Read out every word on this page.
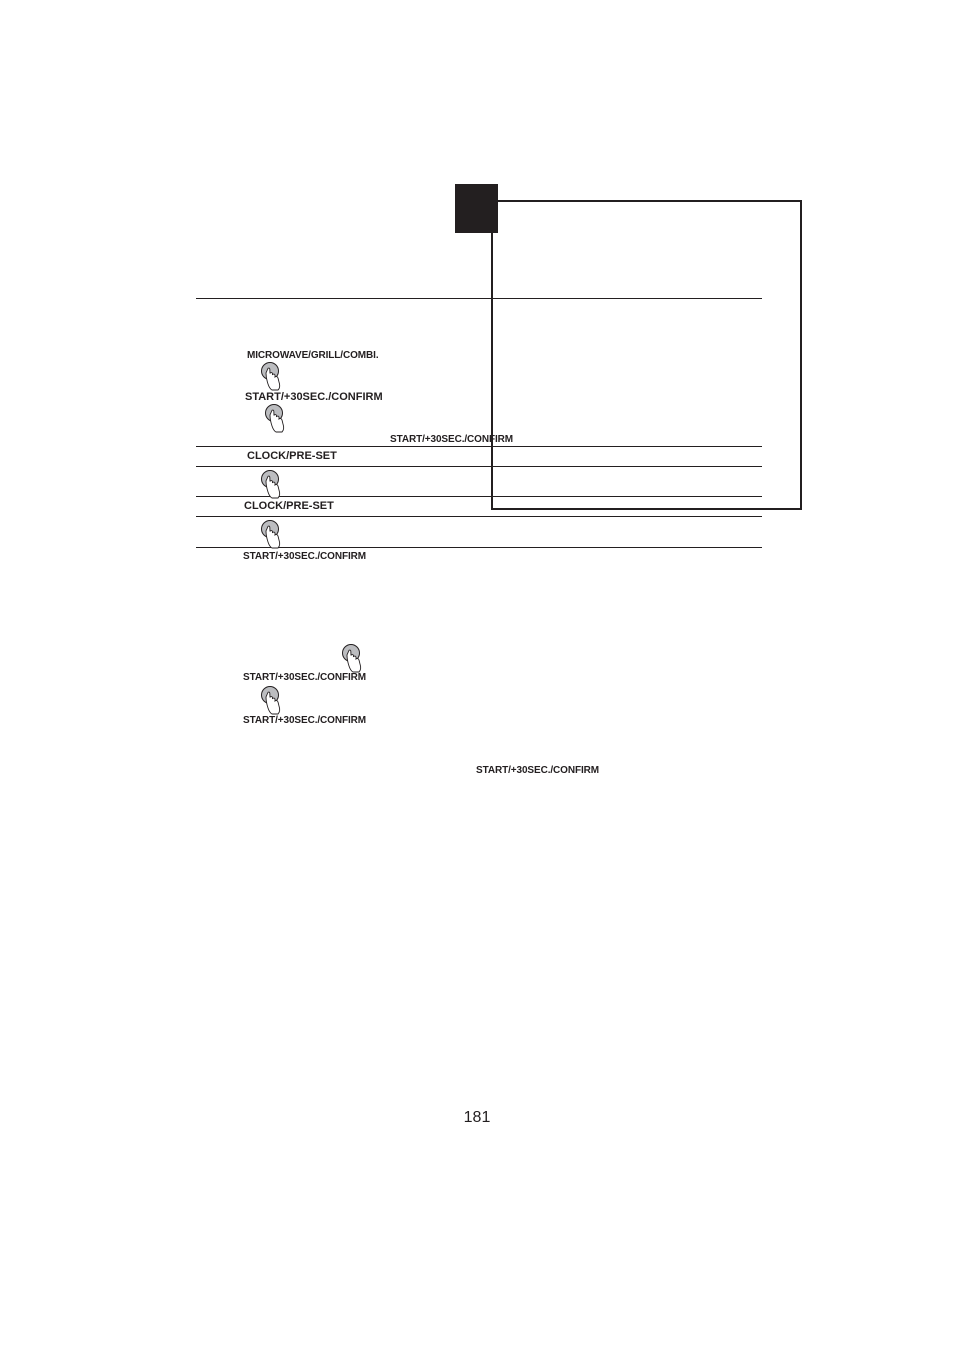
MICROWAVE/GRILL/COMBI.
START/+30SEC./CONFIRM
START/+30SEC./CONFIRM
CLOCK/PRE-SET
CLOCK/PRE-SET
START/+30SEC./CONFIRM
START/+30SEC./CONFIRM
START/+30SEC./CONFIRM
START/+30SEC./CONFIRM
181
